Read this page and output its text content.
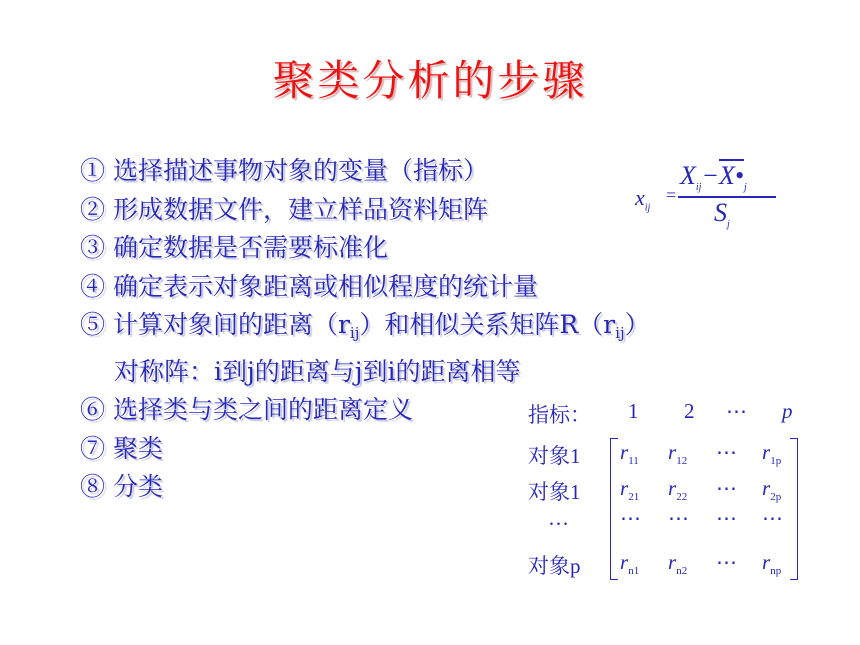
聚类分析的步骤
① 选择描述事物对象的变量（指标）
② 形成数据文件，建立样品资料矩阵
③ 确定数据是否需要标准化
④ 确定表示对象距离或相似程度的统计量
⑤ 计算对象间的距离$(r_{ij})$和相似关系矩阵$R(r_{ij})$
对称阵：i到j的距离与j到i的距离相等
⑥ 选择类与类之间的距离定义
⑦ 聚类
⑧ 分类
$x_{ij}$
=
$X_{ij}-X•_j$
$S_j$
指标： 1 2 ⋯ p
对象1 $r_{11}$ $r_{12}$ ⋯ $r_{1p}$
对象1 $r_{21}$ $r_{22}$ ⋯ $r_{2p}$
… ⋯ ⋯ ⋯ ⋯
对象p $r_{n1}$ $r_{n2}$ ⋯ $r_{np}$
